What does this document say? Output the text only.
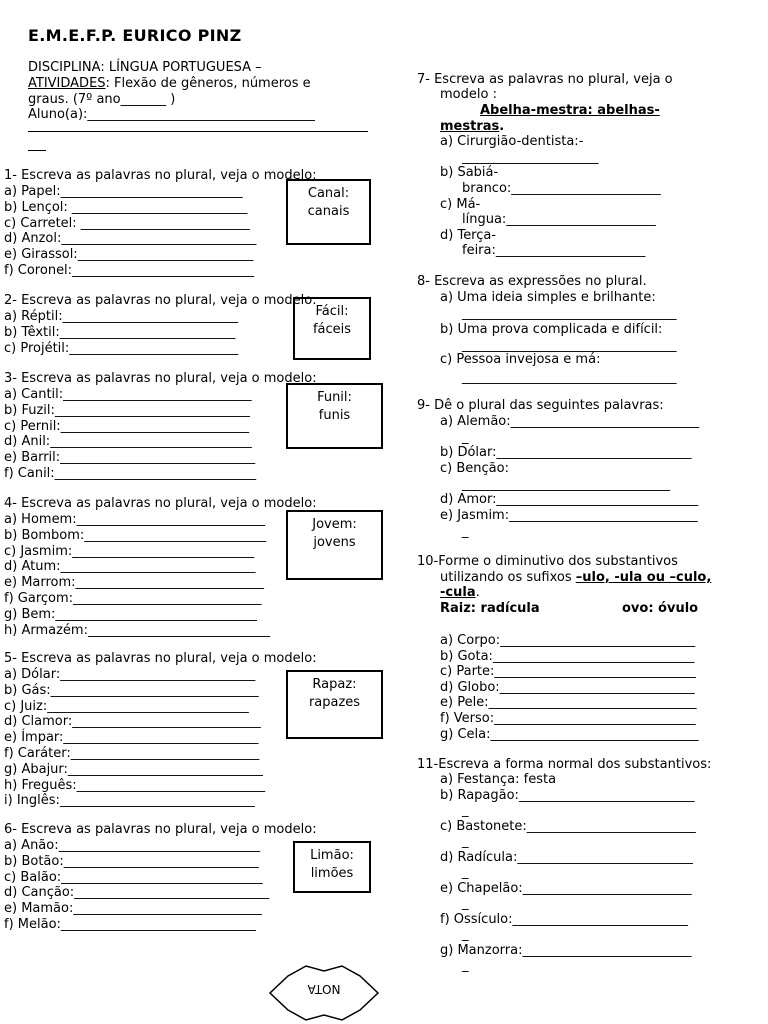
E.M.E.F.P. EURICO PINZ
DISCIPLINA: LÍNGUA PORTUGUESA –
ATIVIDADES: Flexão de gêneros, números e
graus. (7º ano_______ )
Aluno(a):___________________________________
1- Escreva as palavras no plural, veja o modelo:
a) Papel:____________________________
b) Lençol: ___________________________
c) Carretel: __________________________
d) Anzol:______________________________
e) Girassol:___________________________
f) Coronel:____________________________
Canal:
canais
2- Escreva as palavras no plural, veja o modelo:
a) Réptil:___________________________
b) Têxtil:___________________________
c) Projétil:__________________________
Fácil:
fáceis
3- Escreva as palavras no plural, veja o modelo:
a) Cantil:_____________________________
b) Fuzil:______________________________
c) Pernil:_____________________________
d) Anil:_______________________________
e) Barril:______________________________
f) Canil:_______________________________
Funil:
funis
4- Escreva as palavras no plural, veja o modelo:
a) Homem:_____________________________
b) Bombom:____________________________
c) Jasmim:____________________________
d) Atum:______________________________
e) Marrom:_____________________________
f) Garçom:_____________________________
g) Bem:_______________________________
h) Armazém:____________________________
Jovem:
jovens
5- Escreva as palavras no plural, veja o modelo:
a) Dólar:______________________________
b) Gás:________________________________
c) Juiz:_______________________________
d) Clamor:_____________________________
e) Ímpar:______________________________
f) Caráter:_____________________________
g) Abajur:______________________________
h) Freguês:_____________________________
i) Inglês:______________________________
Rapaz:
rapazes
6- Escreva as palavras no plural, veja o modelo:
a) Anão:_______________________________
b) Botão:______________________________
c) Balão:_______________________________
d) Canção:______________________________
e) Mamão:_____________________________
f) Melão:______________________________
Limão:
limões
7- Escreva as palavras no plural, veja o
modelo :
Abelha-mestra: abelhas-
mestras.
a) Cirurgião-dentista:-
_____________________
b) Sabiá-
branco:_______________________
c) Má-
língua:_______________________
d) Terça-
feira:_______________________
8- Escreva as expressões no plural.
a) Uma ideia simples e brilhante:
_________________________________
b) Uma prova complicada e difícil:
_________________________________
c) Pessoa invejosa e má:
_________________________________
9- Dê o plural das seguintes palavras:
a) Alemão:_____________________________
_
b) Dólar:______________________________
c) Benção:
________________________________
d) Amor:_______________________________
e) Jasmim:_____________________________
_
10-Forme o diminutivo dos substantivos
utilizando os sufixos –ulo, -ula ou –culo,
-cula.
Raiz: radícula	ovo: óvulo
a) Corpo:______________________________
b) Gota:_______________________________
c) Parte:_______________________________
d) Globo:______________________________
e) Pele:________________________________
f) Verso:_______________________________
g) Cela:________________________________
11-Escreva a forma normal dos substantivos:
a) Festança: festa
b) Rapagão:___________________________
_
c) Bastonete:__________________________
_
d) Radícula:___________________________
_
e) Chapelão:__________________________
_
f) Ossículo:___________________________
_
g) Manzorra:__________________________
_
NOTA
